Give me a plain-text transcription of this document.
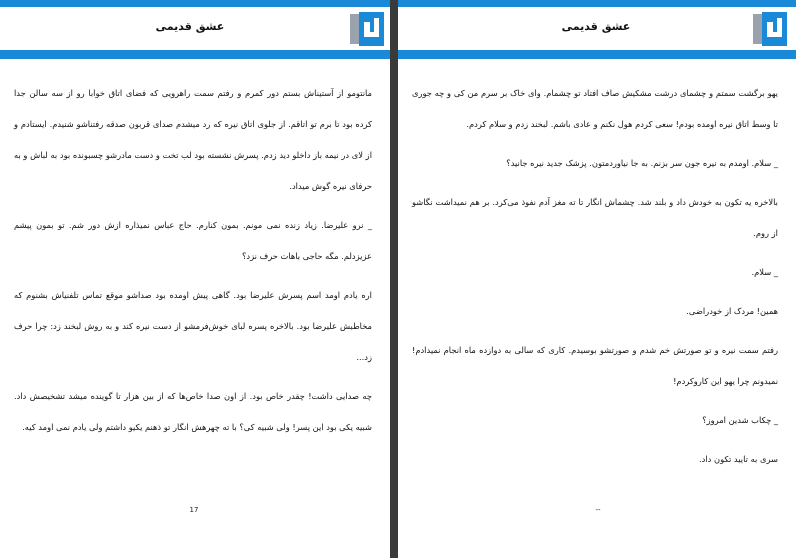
عشق قدیمی

مانتومو از آستیناش بستم دور کمرم و رفتم سمت راهرویی که فضای اتاق خوابا رو از سه سالن جدا کرده بود تا برم تو اتاقم. از جلوی اتاق نیره که رد میشدم صدای قربون صدقه رفتناشو شنیدم. ایستادم و از لای در نیمه باز داخلو دید زدم. پسرش نشسته بود لب تخت و دست مادرشو چسبونده بود به لباش و به حرفای نیره گوش میداد.

_ نرو علیرضا. زیاد زنده نمی مونم. بمون کنارم. حاج عباس نمیذاره ازش دور شم. تو بمون پیشم عزیزدلم. مگه حاجی باهات حرف نزد؟

اره یادم اومد اسم پسرش علیرضا بود. گاهی پیش اومده بود صداشو موقع تماس تلفنیاش بشنوم که مخاطبش علیرضا بود. بالاخره پسره لبای خوش‌فرمشو از دست نیره کند و به روش لبخند زد: چرا حرف زد...

چه صدایی داشت! چقدر خاص بود. از اون صدا خاص‌ها که از بین هزار تا گوینده میشد تشخیصش داد. شبیه یکی بود این پسر! ولی شبیه کی؟ با ته چهرهش انگار تو ذهنم یکیو داشتم ولی یادم نمی اومد کیه.

17
عشق قدیمی

یهو برگشت سمتم و چشمای درشت مشکیش صاف افتاد تو چشمام. وای خاک بر سرم من کی و چه جوری تا وسط اتاق نیره اومده بودم! سعی کردم هول نکنم و عادی باشم. لبخند زدم و سلام کردم.

_ سلام. اومدم به نیره جون سر بزنم. به جا نیاوردمتون. پزشک جدید نیره جانید؟

بالاخره یه تکون به خودش داد و بلند شد. چشماش انگار تا ته مغز آدم نفوذ می‌کرد. بر هم نمیداشت نگاشو از روم.

_ سلام.

همین! مردک از خودراضی.

رفتم سمت نیره و تو صورتش خم شدم و صورتشو بوسیدم. کاری که سالی به دوازده ماه انجام نمیدادم! نمیدونم چرا یهو این کاروکردم!

_ چکاب شدین امروز؟

سری به تایید تکون داد.

--
